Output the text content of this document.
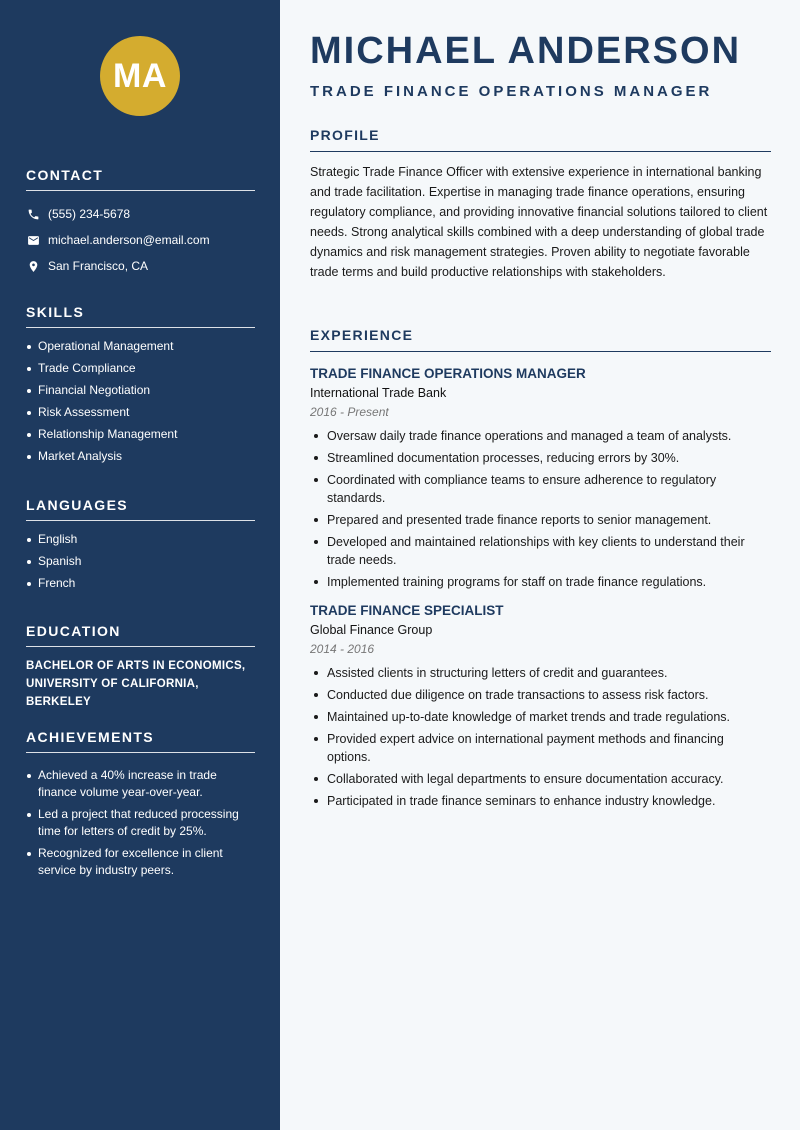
MA
CONTACT
(555) 234-5678
michael.anderson@email.com
San Francisco, CA
SKILLS
Operational Management
Trade Compliance
Financial Negotiation
Risk Assessment
Relationship Management
Market Analysis
LANGUAGES
English
Spanish
French
EDUCATION
BACHELOR OF ARTS IN ECONOMICS,
UNIVERSITY OF CALIFORNIA, BERKELEY
ACHIEVEMENTS
Achieved a 40% increase in trade finance volume year-over-year.
Led a project that reduced processing time for letters of credit by 25%.
Recognized for excellence in client service by industry peers.
MICHAEL ANDERSON
TRADE FINANCE OPERATIONS MANAGER
PROFILE

Strategic Trade Finance Officer with extensive experience in international banking and trade facilitation. Expertise in managing trade finance operations, ensuring regulatory compliance, and providing innovative financial solutions tailored to client needs. Strong analytical skills combined with a deep understanding of global trade dynamics and risk management strategies. Proven ability to negotiate favorable trade terms and build productive relationships with stakeholders.

EXPERIENCE
TRADE FINANCE OPERATIONS MANAGER
International Trade Bank
2016 - Present
Oversaw daily trade finance operations and managed a team of analysts.
Streamlined documentation processes, reducing errors by 30%.
Coordinated with compliance teams to ensure adherence to regulatory standards.
Prepared and presented trade finance reports to senior management.
Developed and maintained relationships with key clients to understand their trade needs.
Implemented training programs for staff on trade finance regulations.
TRADE FINANCE SPECIALIST
Global Finance Group
2014 - 2016
Assisted clients in structuring letters of credit and guarantees.
Conducted due diligence on trade transactions to assess risk factors.
Maintained up-to-date knowledge of market trends and trade regulations.
Provided expert advice on international payment methods and financing options.
Collaborated with legal departments to ensure documentation accuracy.
Participated in trade finance seminars to enhance industry knowledge.
